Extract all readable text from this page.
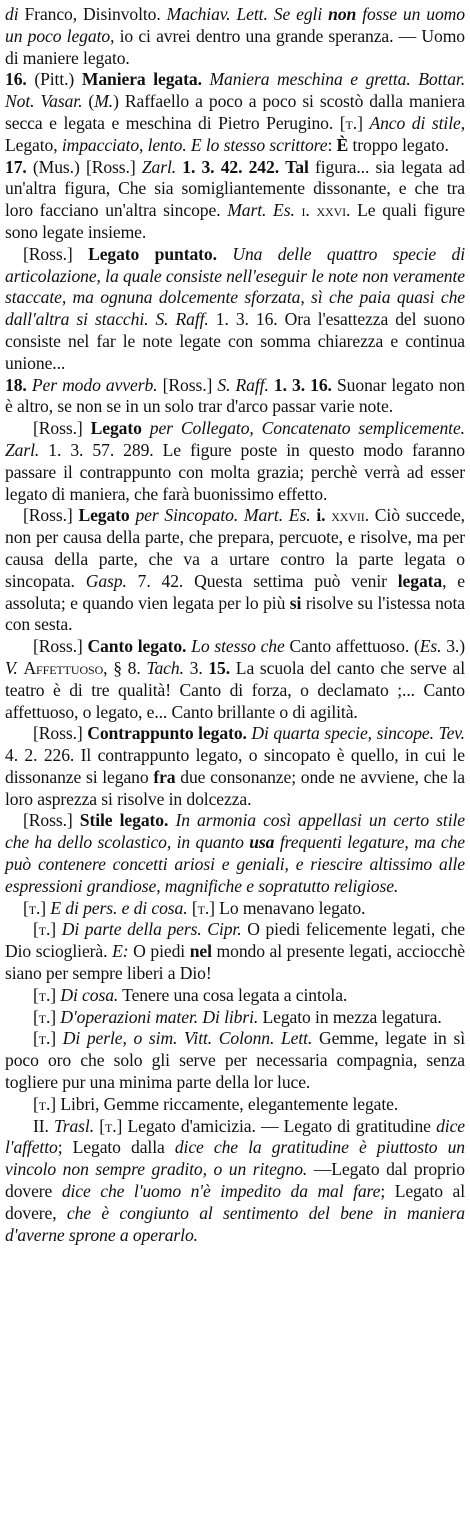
di Franco, Disinvolto. Machiav. Lett. Se egli non fosse un uomo un poco legato, io ci avrei dentro una grande speranza. — Uomo di maniere legato.

16. (Pitt.) Maniera legata. Maniera meschina e gretta. Bottar. Not. Vasar. (M.) Raffaello a poco a poco si scostò dalla maniera secca e legata e meschina di Pietro Perugino. [t.] Anco di stile, Legato, impacciato, lento. E lo stesso scrittore: È troppo legato.

17. (Mus.) [Ross.] Zarl. 1. 3. 42. 242. Tal figura... sia legata ad un'altra figura, Che sia somigliantemente dissonante, e che tra loro facciano un'altra sincope. Mart. Es. i. xxvi. Le quali figure sono legate insieme.

[Ross.] Legato puntato. Una delle quattro specie di articolazione, la quale consiste nell'eseguir le note non veramente staccate, ma ognuna dolcemente sforzata, sì che paia quasi che dall'altra si stacchi. S. Raff. 1. 3. 16. Ora l'esattezza del suono consiste nel far le note legate con somma chiarezza e continua unione...

18. Per modo avverb. [Ross.] S. Raff. 1. 3. 16. Suonar legato non è altro, se non se in un solo trar d'arco passar varie note.

[Ross.] Legato per Collegato, Concatenato semplicemente. Zarl. 1. 3. 57. 289. Le figure poste in questo modo faranno passare il contrappunto con molta grazia; perchè verrà ad esser legato di maniera, che farà buonissimo effetto.

[Ross.] Legato per Sincopato. Mart. Es. i. xxvii. Ciò succede, non per causa della parte, che prepara, percuote, e risolve, ma per causa della parte, che va a urtare contro la parte legata o sincopata. Gasp. 7. 42. Questa settima può venir legata, e assoluta; e quando vien legata per lo più si risolve su l'istessa nota con sesta.

[Ross.] Canto legato. Lo stesso che Canto affettuoso. (Es. 3.) V. Affettuoso, § 8. Tach. 3. 15. La scuola del canto che serve al teatro è di tre qualità! Canto di forza, o declamato ;... Canto affettuoso, o legato, e... Canto brillante o di agilità.

[Ross.] Contrappunto legato. Di quarta specie, sincope. Tev. 4. 2. 226. Il contrappunto legato, o sincopato è quello, in cui le dissonanze si legano fra due consonanze; onde ne avviene, che la loro asprezza si risolve in dolcezza.

[Ross.] Stile legato. In armonia così appellasi un certo stile che ha dello scolastico, in quanto usa frequenti legature, ma che può contenere concetti ariosi e geniali, e riescire altissimo alle espressioni grandiose, magnifiche e sopratutto religiose.

[t.] E di pers. e di cosa. [t.] Lo menavano legato.

[t.] Di parte della pers. Cipr. O piedi felicemente legati, che Dio scioglierà. E: O piedi nel mondo al presente legati, acciocchè siano per sempre liberi a Dio!

[t.] Di cosa. Tenere una cosa legata a cintola.

[t.] D'operazioni mater. Di libri. Legato in mezza legatura.

[t.] Di perle, o sim. Vitt. Colonn. Lett. Gemme, legate in sì poco oro che solo gli serve per necessaria compagnia, senza togliere pur una minima parte della lor luce.

[t.] Libri, Gemme riccamente, elegantemente legate.

II. Trasl. [t.] Legato d'amicizia. — Legato di gratitudine dice l'affetto; Legato dalla dice che la gratitudine è piuttosto un vincolo non sempre gradito, o un ritegno. —Legato dal proprio dovere dice che l'uomo n'è impedito da mal fare; Legato al dovere, che è congiunto al sentimento del bene in maniera d'averne sprone a operarlo.
